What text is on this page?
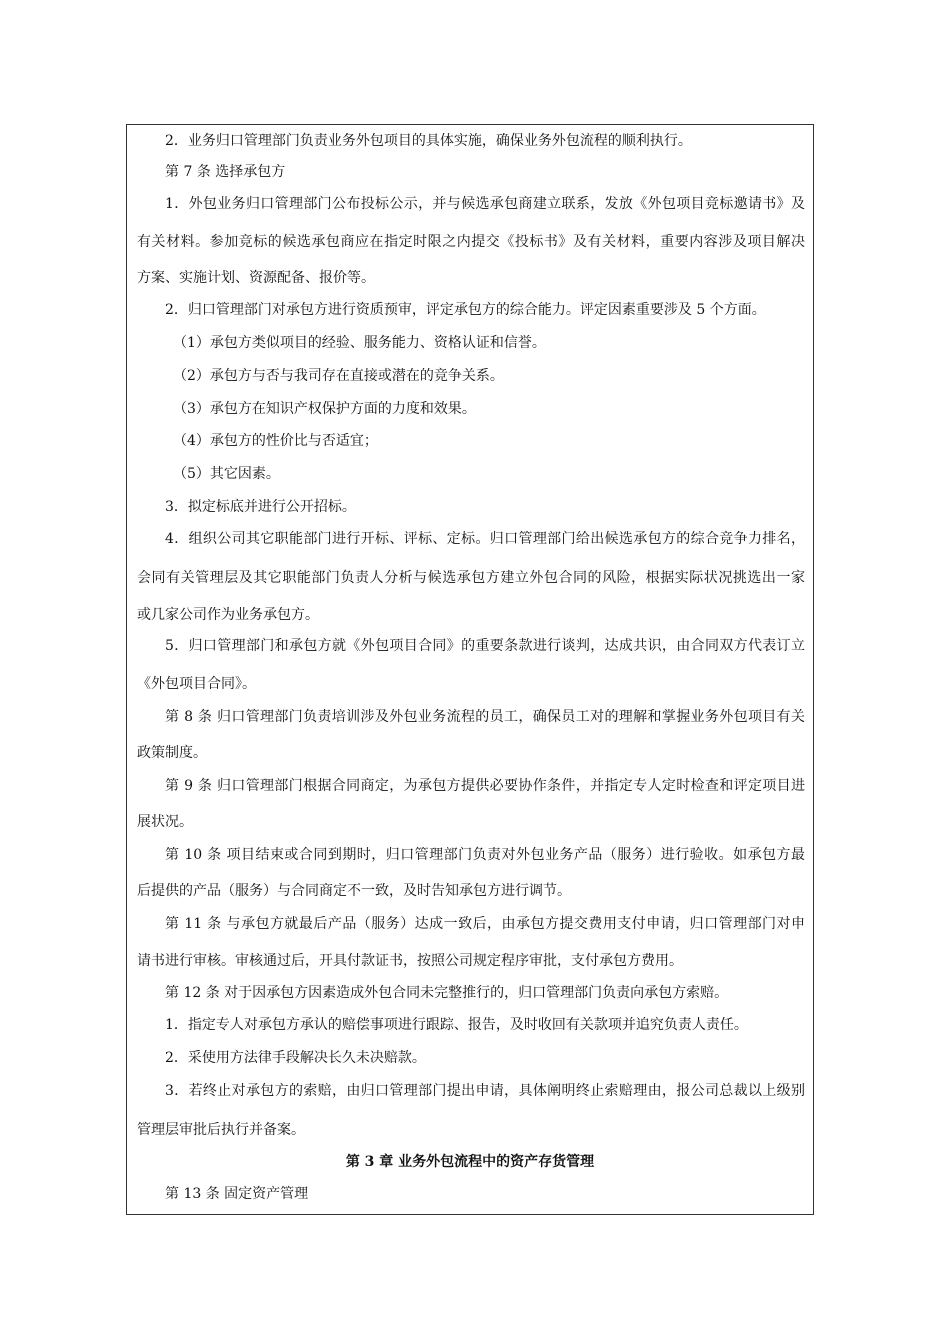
2．业务归口管理部门负责业务外包项目的具体实施，确保业务外包流程的顺利执行。

第 7 条 选择承包方

1．外包业务归口管理部门公布投标公示，并与候选承包商建立联系，发放《外包项目竞标邀请书》及

有关材料。参加竞标的候选承包商应在指定时限之内提交《投标书》及有关材料，重要内容涉及项目解决

方案、实施计划、资源配备、报价等。

2．归口管理部门对承包方进行资质预审，评定承包方的综合能力。评定因素重要涉及 5 个方面。

（1）承包方类似项目的经验、服务能力、资格认证和信誉。

（2）承包方与否与我司存在直接或潜在的竞争关系。

（3）承包方在知识产权保护方面的力度和效果。

（4）承包方的性价比与否适宜；

（5）其它因素。

3．拟定标底并进行公开招标。

4．组织公司其它职能部门进行开标、评标、定标。归口管理部门给出候选承包方的综合竞争力排名，

会同有关管理层及其它职能部门负责人分析与候选承包方建立外包合同的风险，根据实际状况挑选出一家

或几家公司作为业务承包方。

5．归口管理部门和承包方就《外包项目合同》的重要条款进行谈判，达成共识，由合同双方代表订立

《外包项目合同》。

第 8 条 归口管理部门负责培训涉及外包业务流程的员工，确保员工对的理解和掌握业务外包项目有关

政策制度。

第 9 条 归口管理部门根据合同商定，为承包方提供必要协作条件，并指定专人定时检查和评定项目进

展状况。

第 10 条 项目结束或合同到期时，归口管理部门负责对外包业务产品（服务）进行验收。如承包方最

后提供的产品（服务）与合同商定不一致，及时告知承包方进行调节。

第 11 条 与承包方就最后产品（服务）达成一致后，由承包方提交费用支付申请，归口管理部门对申

请书进行审核。审核通过后，开具付款证书，按照公司规定程序审批，支付承包方费用。

第 12 条 对于因承包方因素造成外包合同未完整推行的，归口管理部门负责向承包方索赔。

1．指定专人对承包方承认的赔偿事项进行跟踪、报告，及时收回有关款项并追究负责人责任。

2．采使用方法律手段解决长久未决赔款。

3．若终止对承包方的索赔，由归口管理部门提出申请，具体阐明终止索赔理由，报公司总裁以上级别

管理层审批后执行并备案。

第 3 章 业务外包流程中的资产存货管理

第 13 条 固定资产管理
